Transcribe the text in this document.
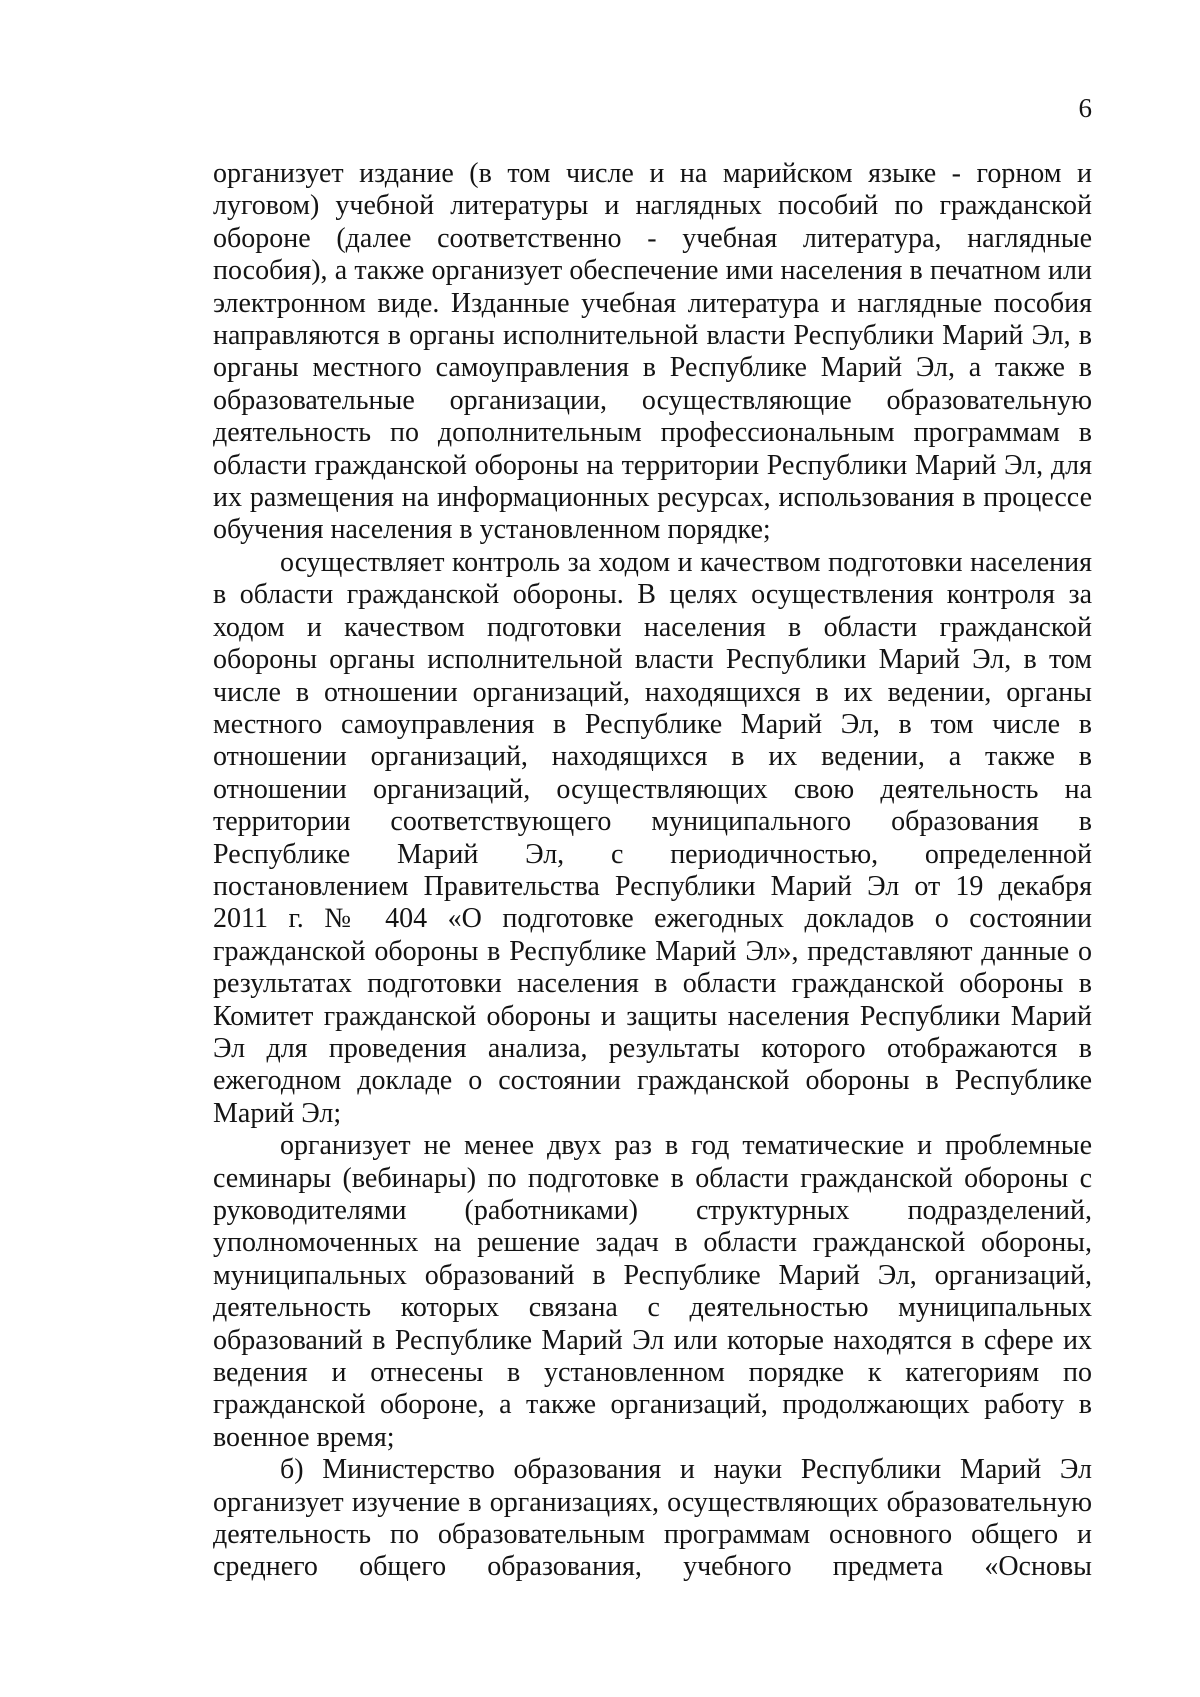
6

организует издание (в том числе и на марийском языке - горном и луговом) учебной литературы и наглядных пособий по гражданской обороне (далее соответственно - учебная литература, наглядные пособия), а также организует обеспечение ими населения в печатном или электронном виде. Изданные учебная литература и наглядные пособия направляются в органы исполнительной власти Республики Марий Эл, в органы местного самоуправления в Республике Марий Эл, а также в образовательные организации, осуществляющие образовательную деятельность по дополнительным профессиональным программам в области гражданской обороны на территории Республики Марий Эл, для их размещения на информационных ресурсах, использования в процессе обучения населения в установленном порядке;

осуществляет контроль за ходом и качеством подготовки населения в области гражданской обороны. В целях осуществления контроля за ходом и качеством подготовки населения в области гражданской обороны органы исполнительной власти Республики Марий Эл, в том числе в отношении организаций, находящихся в их ведении, органы местного самоуправления в Республике Марий Эл, в том числе в отношении организаций, находящихся в их ведении, а также в отношении организаций, осуществляющих свою деятельность на территории соответствующего муниципального образования в Республике Марий Эл, с периодичностью, определенной постановлением Правительства Республики Марий Эл от 19 декабря 2011 г. № 404 «О подготовке ежегодных докладов о состоянии гражданской обороны в Республике Марий Эл», представляют данные о результатах подготовки населения в области гражданской обороны в Комитет гражданской обороны и защиты населения Республики Марий Эл для проведения анализа, результаты которого отображаются в ежегодном докладе о состоянии гражданской обороны в Республике Марий Эл;

организует не менее двух раз в год тематические и проблемные семинары (вебинары) по подготовке в области гражданской обороны с руководителями (работниками) структурных подразделений, уполномоченных на решение задач в области гражданской обороны, муниципальных образований в Республике Марий Эл, организаций, деятельность которых связана с деятельностью муниципальных образований в Республике Марий Эл или которые находятся в сфере их ведения и отнесены в установленном порядке к категориям по гражданской обороне, а также организаций, продолжающих работу в военное время;

б) Министерство образования и науки Республики Марий Эл организует изучение в организациях, осуществляющих образовательную деятельность по образовательным программам основного общего и среднего общего образования, учебного предмета «Основы
